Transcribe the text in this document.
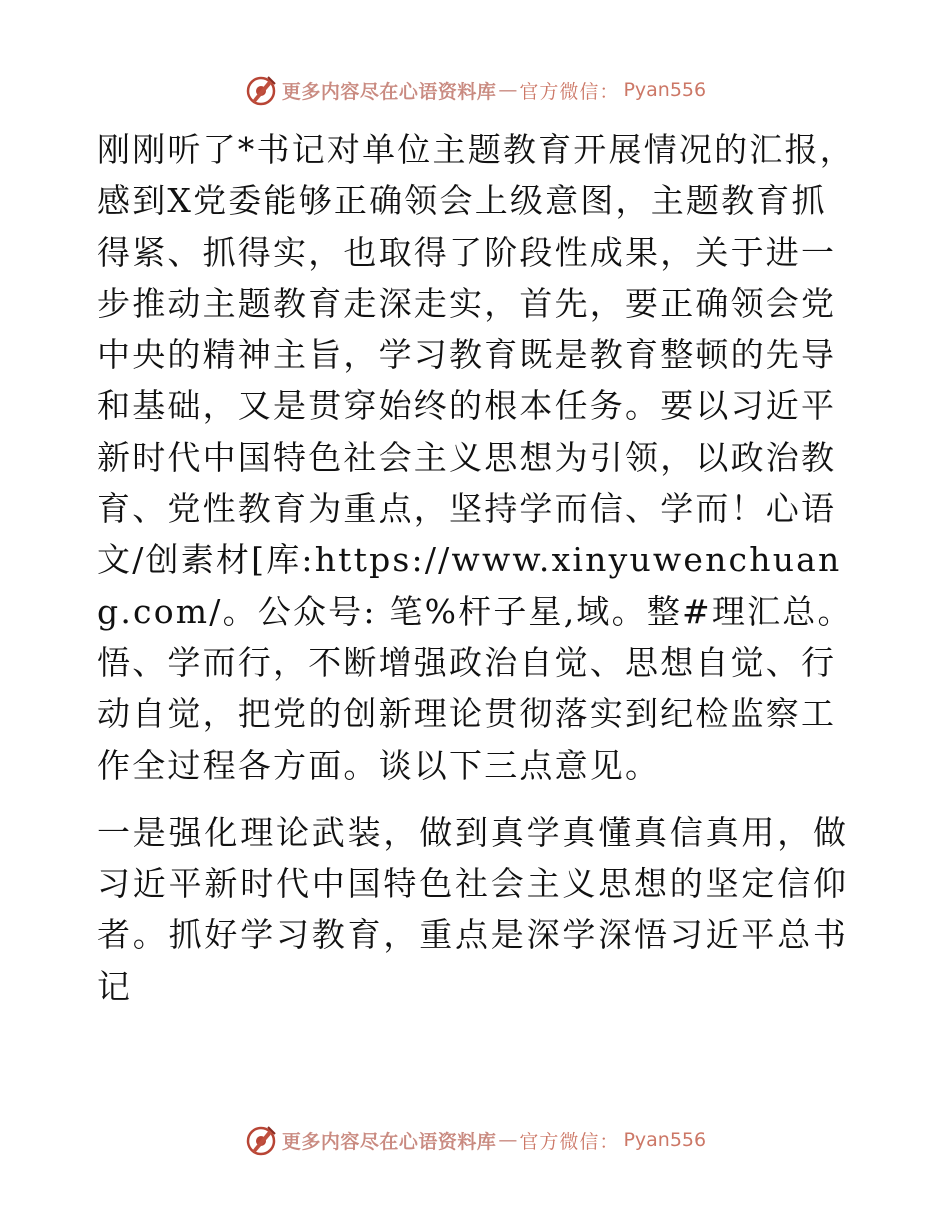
更多内容尽在心语资料库 — 官方微信： Pyan556

刚刚听了*书记对单位主题教育开展情况的汇报，感到X党委能够正确领会上级意图，主题教育抓得紧、抓得实，也取得了阶段性成果，关于进一步推动主题教育走深走实，首先，要正确领会党中央的精神主旨，学习教育既是教育整顿的先导和基础，又是贯穿始终的根本任务。要以习近平新时代中国特色社会主义思想为引领，以政治教育、党性教育为重点，坚持学而信、学而！心语文/创素材[库:https://www.xinyuwenchuang.com/。公众号: 笔%杆子星,域。整#理汇总。悟、学而行，不断增强政治自觉、思想自觉、行动自觉，把党的创新理论贯彻落实到纪检监察工作全过程各方面。谈以下三点意见。

一是强化理论武装，做到真学真懂真信真用，做习近平新时代中国特色社会主义思想的坚定信仰者。抓好学习教育，重点是深学深悟习近平总书记

更多内容尽在心语资料库 — 官方微信： Pyan556
